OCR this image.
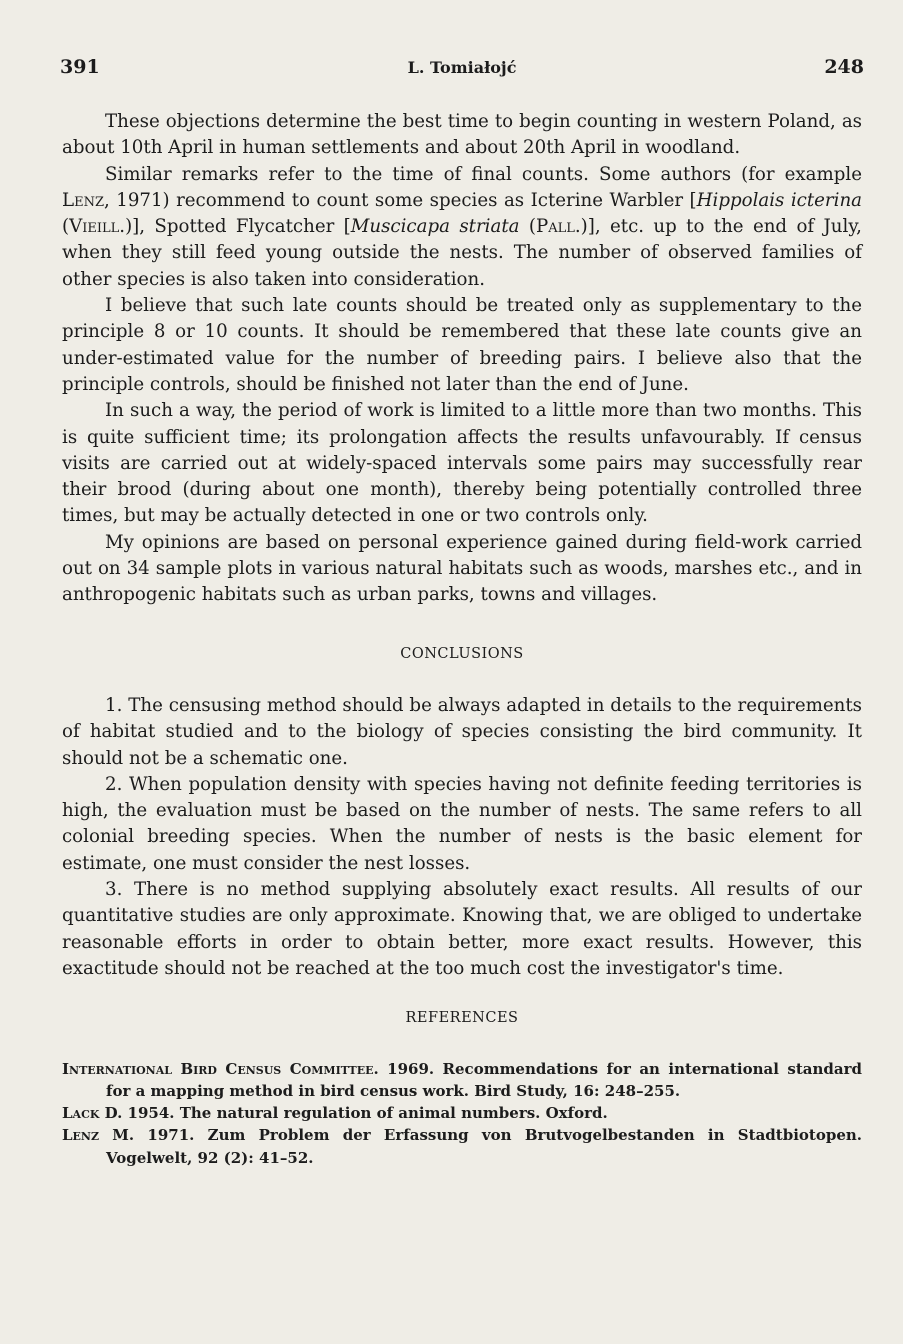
391	L. Tomiałojć	248

These objections determine the best time to begin counting in western Poland, as about 10th April in human settlements and about 20th April in woodland.

Similar remarks refer to the time of final counts. Some authors (for example Lenz, 1971) recommend to count some species as Icterine Warbler [Hippolais icterina (Vieill.)], Spotted Flycatcher [Muscicapa striata (Pall.)], etc. up to the end of July, when they still feed young outside the nests. The number of observed families of other species is also taken into consideration.

I believe that such late counts should be treated only as supplementary to the principle 8 or 10 counts. It should be remembered that these late counts give an under-estimated value for the number of breeding pairs. I believe also that the principle controls, should be finished not later than the end of June.

In such a way, the period of work is limited to a little more than two months. This is quite sufficient time; its prolongation affects the results unfavourably. If census visits are carried out at widely-spaced intervals some pairs may successfully rear their brood (during about one month), thereby being potentially controlled three times, but may be actually detected in one or two controls only.

My opinions are based on personal experience gained during field-work carried out on 34 sample plots in various natural habitats such as woods, marshes etc., and in anthropogenic habitats such as urban parks, towns and villages.

CONCLUSIONS

1. The censusing method should be always adapted in details to the requirements of habitat studied and to the biology of species consisting the bird community. It should not be a schematic one.

2. When population density with species having not definite feeding territories is high, the evaluation must be based on the number of nests. The same refers to all colonial breeding species. When the number of nests is the basic element for estimate, one must consider the nest losses.

3. There is no method supplying absolutely exact results. All results of our quantitative studies are only approximate. Knowing that, we are obliged to undertake reasonable efforts in order to obtain better, more exact results. However, this exactitude should not be reached at the too much cost the investigator's time.

REFERENCES
International Bird Census Committee. 1969. Recommendations for an international standard for a mapping method in bird census work. Bird Study, 16: 248–255.
Lack D. 1954. The natural regulation of animal numbers. Oxford.
Lenz M. 1971. Zum Problem der Erfassung von Brutvogelbestanden in Stadtbiotopen. Vogelwelt, 92 (2): 41–52.
